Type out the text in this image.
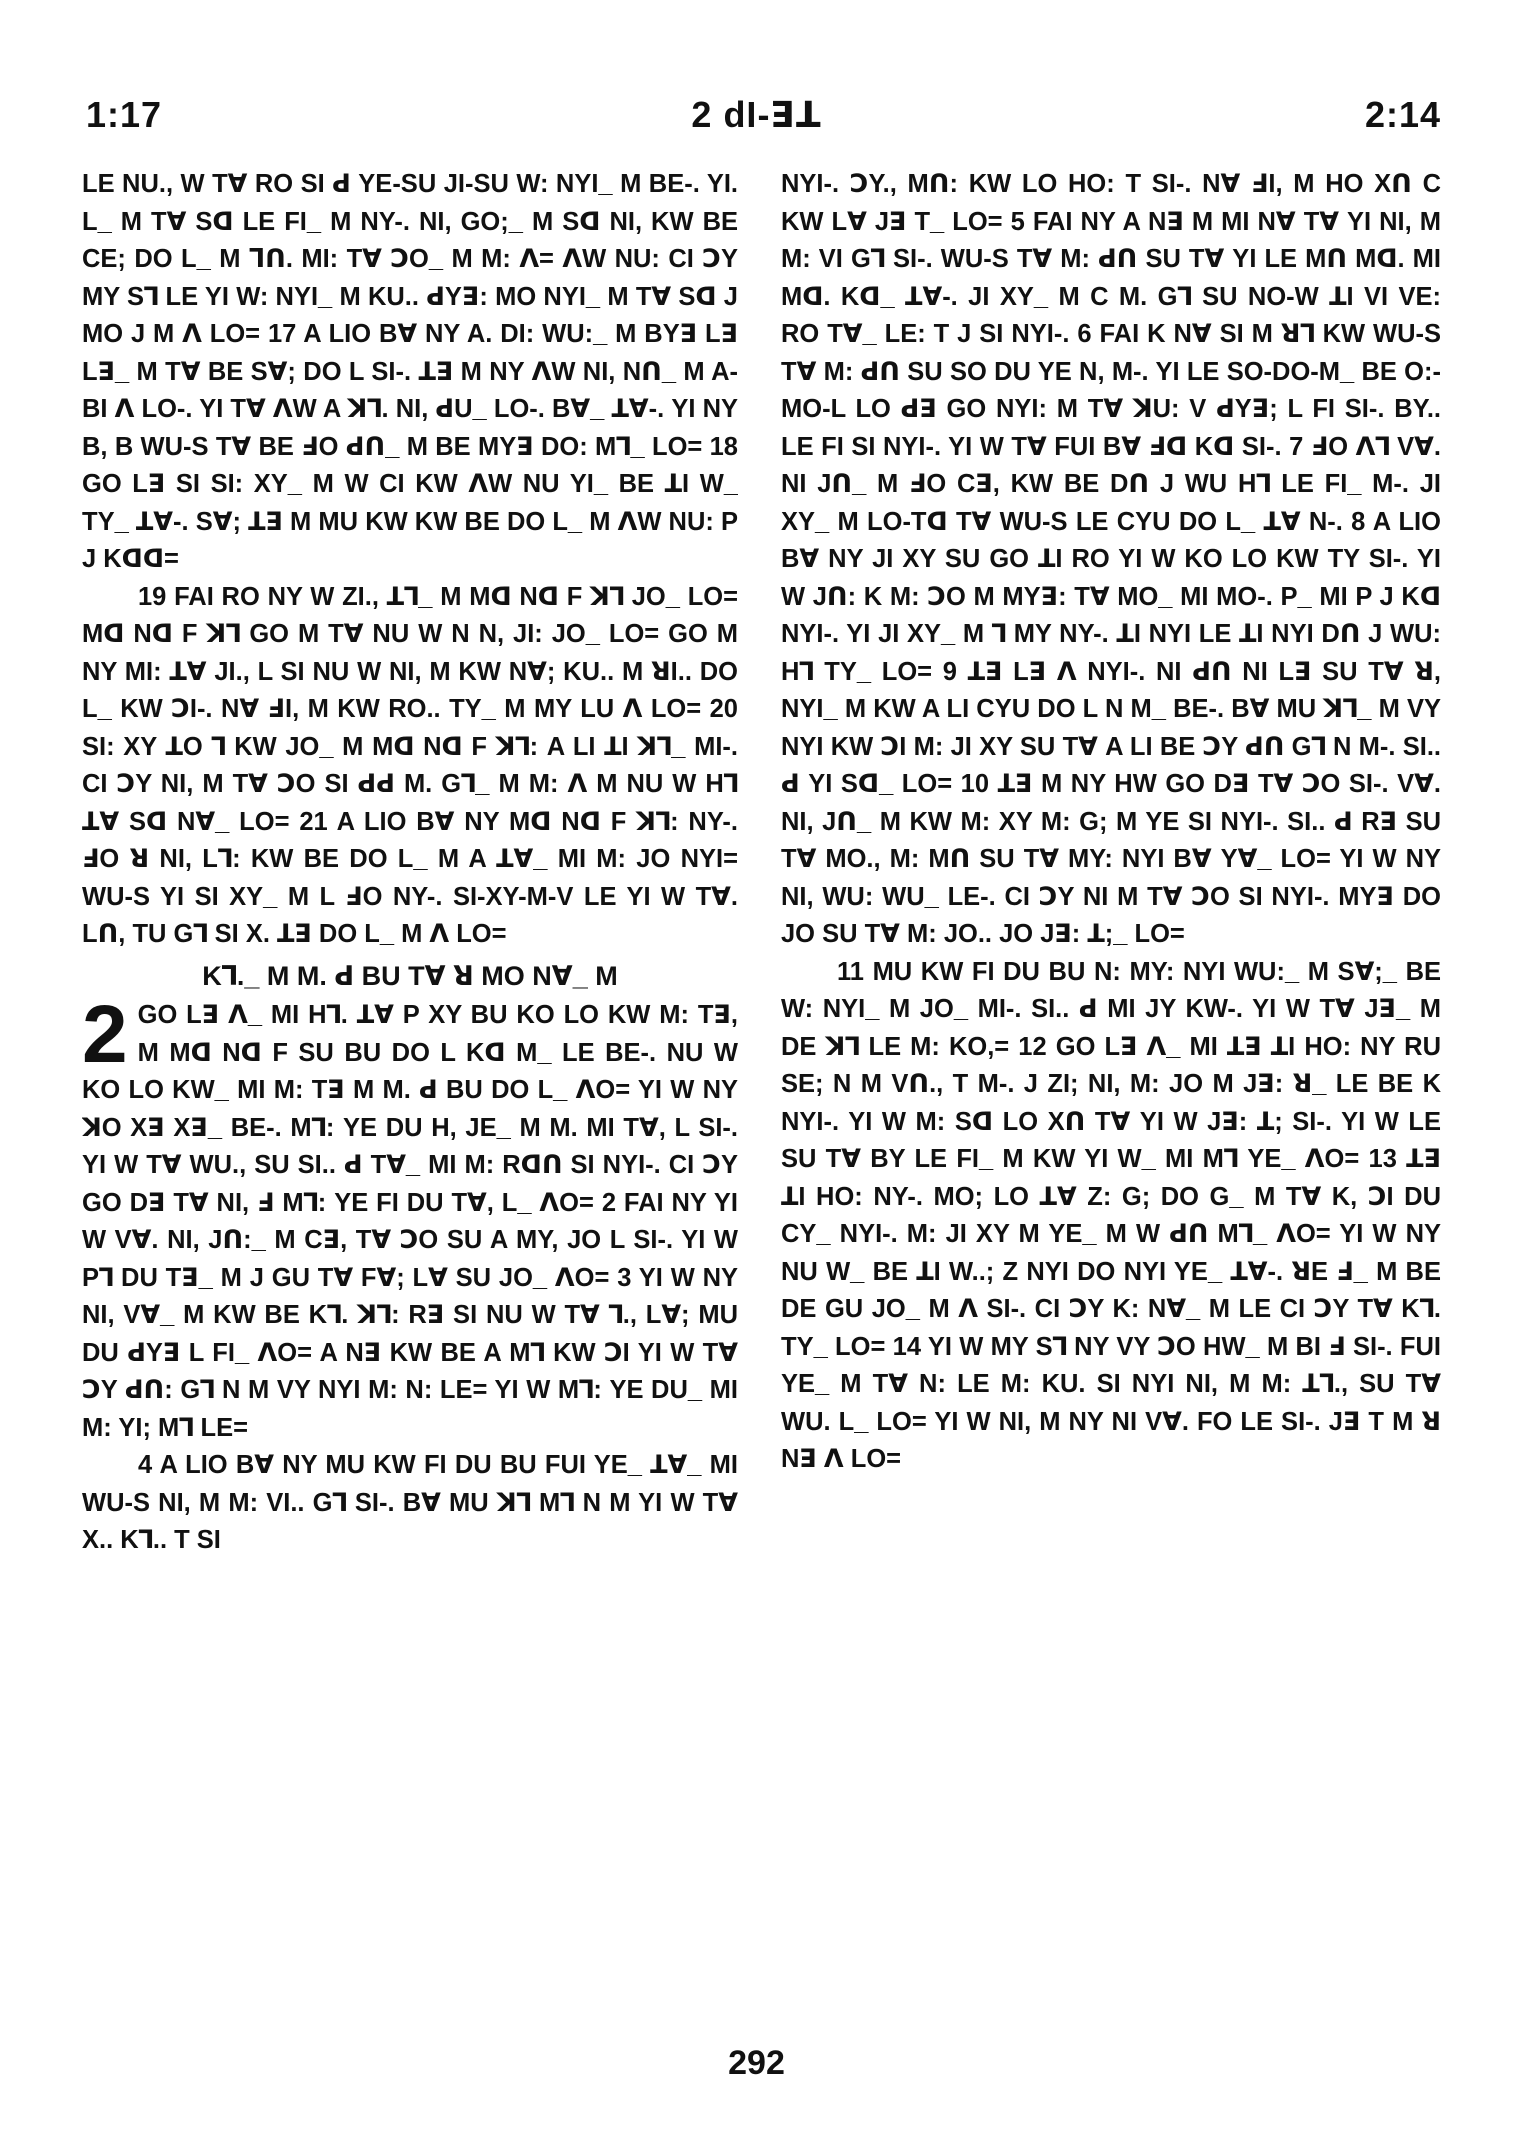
1:17	2 dI-ꓱꓕ	2:14

LE NU., W Tꓯ RO SI ꓒ YE-SU JI-SU W: NYI_ M BE-. YI. L_ M Tꓯ Sꓷ LE FI_ M NY-. NI, GO;_ M Sꓷ NI, KW BE CE; DO L_ M Ꞁꓵ. MI: Tꓯ ꓛO_ M M: ꓥ= ꓥW NU: CI ꓛY MY Sꓶ LE YI W: NYI_ M KU.. ꓒYꓱ: MO NYI_ M Tꓯ Sꓷ J MO J M ꓥ LO= 17 A LIO Bꓯ NY A. DI: WU:_ M BYꓱ Lꓱ Lꓱ_ M Tꓯ BE Sꓯ; DO L SI-. ꓕꓱ M NY ꓥW NI, Nꓵ_ M A-BI ꓥ LO-. YI Tꓯ ꓥW A ꓘꓶ. NI, ꓒU_ LO-. Bꓯ_ ꓕꓯ-. YI NY B, B WU-S Tꓯ BE ꓞO ꓒꓵ_ M BE MYꓱ DO: Mꓶ_ LO= 18 GO Lꓱ SI SI: XY_ M W CI KW ꓥW NU YI_ BE ꓕI W_ TY_ ꓕꓯ-. Sꓯ; ꓕꓱ M MU KW KW BE DO L_ M ꓥW NU: P J Kꓷꓷ=

19 FAI RO NY W ZI., ꓕꓶ_ M Mꓷ Nꓷ F ꓘꓶ JO_ LO= Mꓷ Nꓷ F ꓘꓶ GO M Tꓯ NU W N N, JI: JO_ LO= GO M NY MI: ꓕꓯ JI., L SI NU W NI, M KW Nꓯ; KU.. M ꓤI.. DO L_ KW ꓛI-. Nꓯ ꓞI, M KW RO.. TY_ M MY LU ꓥ LO= 20 SI: XY ꓕO ꓶ KW JO_ M Mꓷ Nꓷ F ꓘꓶ: A LI ꓕI ꓘꓶ_ MI-. CI ꓛY NI, M Tꓯ ꓛO SI ꓒꓒ M. Gꓶ_ M M: ꓥ M NU W Hꓶ ꓕꓯ Sꓷ Nꓯ_ LO= 21 A LIO Bꓯ NY Mꓷ Nꓷ F ꓘꓶ: NY-. ꓞO ꓤ NI, Lꓶ: KW BE DO L_ M A ꓕꓯ_ MI M: JO NYI= WU-S YI SI XY_ M L ꓞO NY-. SI-XY-M-V LE YI W Tꓯ. Lꓵ, TU Gꓶ SI X. ꓕꓱ DO L_ M ꓥ LO=

Kꓶ._ M M. ꓒ BU Tꓯ ꓤ MO Nꓯ_ M

2 GO Lꓱ ꓥ_ MI Hꓶ. ꓕꓯ P XY BU KO LO KW M: Tꓱ, M Mꓷ Nꓷ F SU BU DO L Kꓷ M_ LE BE-. NU W KO LO KW_ MI M: Tꓱ M M. ꓒ BU DO L_ ꓥO= YI W NY ꓘO Xꓱ Xꓱ_ BE-. Mꓶ: YE DU H, JE_ M M. MI Tꓯ, L SI-. YI W Tꓯ WU., SU SI.. ꓒ Tꓯ_ MI M: Rꓷꓵ SI NYI-. CI ꓛY GO Dꓱ Tꓯ NI, ꓞ Mꓶ: YE FI DU Tꓯ, L_ ꓥO= 2 FAI NY YI W Vꓯ. NI, Jꓵ:_ M Cꓱ, Tꓯ ꓛO SU A MY, JO L SI-. YI W Pꓶ DU Tꓱ_ M J GU Tꓯ Fꓯ; Lꓯ SU JO_ ꓥO= 3 YI W NY NI, Vꓯ_ M KW BE Kꓶ. ꓘꓶ: Rꓱ SI NU W Tꓯ ꓶ., Lꓯ; MU DU ꓒYꓱ L FI_ ꓥO= A Nꓱ KW BE A Mꓶ KW ꓛI YI W Tꓯ ꓛY ꓒꓵ: Gꓶ N M VY NYI M: N: LE= YI W Mꓶ: YE DU_ MI M: YI; Mꓶ LE=

4 A LIO Bꓯ NY MU KW FI DU BU FUI YE_ ꓕꓯ_ MI WU-S NI, M M: VI.. Gꓶ SI-. Bꓯ MU ꓘꓶ Mꓶ N M YI W Tꓯ X.. Kꓶ.. T SI

NYI-. ꓛY., Mꓵ: KW LO HO: T SI-. Nꓯ ꓞI, M HO Xꓵ C KW Lꓯ Jꓱ T_ LO= 5 FAI NY A Nꓱ M MI Nꓯ Tꓯ YI NI, M M: VI Gꓶ SI-. WU-S Tꓯ M: ꓒꓵ SU Tꓯ YI LE Mꓵ Mꓷ. MI Mꓷ. Kꓷ_ ꓕꓯ-. JI XY_ M C M. Gꓶ SU NO-W ꓕI VI VE: RO Tꓯ_ LE: T J SI NYI-. 6 FAI K Nꓯ SI M ꓤꓶ KW WU-S Tꓯ M: ꓒꓵ SU SO DU YE N, M-. YI LE SO-DO-M_ BE O:-MO-L LO ꓒꓱ GO NYI: M Tꓯ ꓘU: V ꓒYꓱ; L FI SI-. BY.. LE FI SI NYI-. YI W Tꓯ FUI Bꓯ ꓞꓷ Kꓷ SI-. 7 ꓞO ꓥꓶ Vꓯ. NI Jꓵ_ M ꓞO Cꓱ, KW BE Dꓵ J WU Hꓶ LE FI_ M-. JI XY_ M LO-Tꓷ Tꓯ WU-S LE CYU DO L_ ꓕꓯ N-. 8 A LIO Bꓯ NY JI XY SU GO ꓕI RO YI W KO LO KW TY SI-. YI W Jꓵ: K M: ꓛO M MYꓱ: Tꓯ MO_ MI MO-. P_ MI P J Kꓷ NYI-. YI JI XY_ M ꓶ MY NY-. ꓕI NYI LE ꓕI NYI Dꓵ J WU: Hꓶ TY_ LO= 9 ꓕꓱ Lꓱ ꓥ NYI-. NI ꓒꓵ NI Lꓱ SU Tꓯ ꓤ, NYI_ M KW A LI CYU DO L N M_ BE-. Bꓯ MU ꓘꓶ_ M VY NYI KW ꓛI M: JI XY SU Tꓯ A LI BE ꓛY ꓒꓵ Gꓶ N M-. SI.. ꓒ YI Sꓷ_ LO= 10 ꓕꓱ M NY HW GO Dꓱ Tꓯ ꓛO SI-. Vꓯ. NI, Jꓵ_ M KW M: XY M: G; M YE SI NYI-. SI.. ꓒ Rꓱ SU Tꓯ MO., M: Mꓵ SU Tꓯ MY: NYI Bꓯ Yꓯ_ LO= YI W NY NI, WU: WU_ LE-. CI ꓛY NI M Tꓯ ꓛO SI NYI-. MYꓱ DO JO SU Tꓯ M: JO.. JO Jꓱ: ꓕ;_ LO=

11 MU KW FI DU BU N: MY: NYI WU:_ M Sꓯ;_ BE W: NYI_ M JO_ MI-. SI.. ꓒ MI JY KW-. YI W Tꓯ Jꓱ_ M DE ꓘꓶ LE M: KO,= 12 GO Lꓱ ꓥ_ MI ꓕꓱ ꓕI HO: NY RU SE; N M Vꓵ., T M-. J ZI; NI, M: JO M Jꓱ: ꓤ_ LE BE K NYI-. YI W M: Sꓷ LO Xꓵ Tꓯ YI W Jꓱ: ꓕ; SI-. YI W LE SU Tꓯ BY LE FI_ M KW YI W_ MI Mꓶ YE_ ꓥO= 13 ꓕꓱ ꓕI HO: NY-. MO; LO ꓕꓯ Z: G; DO G_ M Tꓯ K, ꓛI DU CY_ NYI-. M: JI XY M YE_ M W ꓒꓵ Mꓶ_ ꓥO= YI W NY NU W_ BE ꓕI W..; Z NYI DO NYI YE_ ꓕꓯ-. ꓤE ꓞ_ M BE DE GU JO_ M ꓥ SI-. CI ꓛY K: Nꓯ_ M LE CI ꓛY Tꓯ Kꓶ. TY_ LO= 14 YI W MY Sꓶ NY VY ꓛO HW_ M BI ꓞ SI-. FUI YE_ M Tꓯ N: LE M: KU. SI NYI NI, M M: ꓕꓶ., SU Tꓯ WU. L_ LO= YI W NI, M NY NI Vꓯ. FO LE SI-. Jꓱ T M ꓤ Nꓱ ꓥ LO=

292
